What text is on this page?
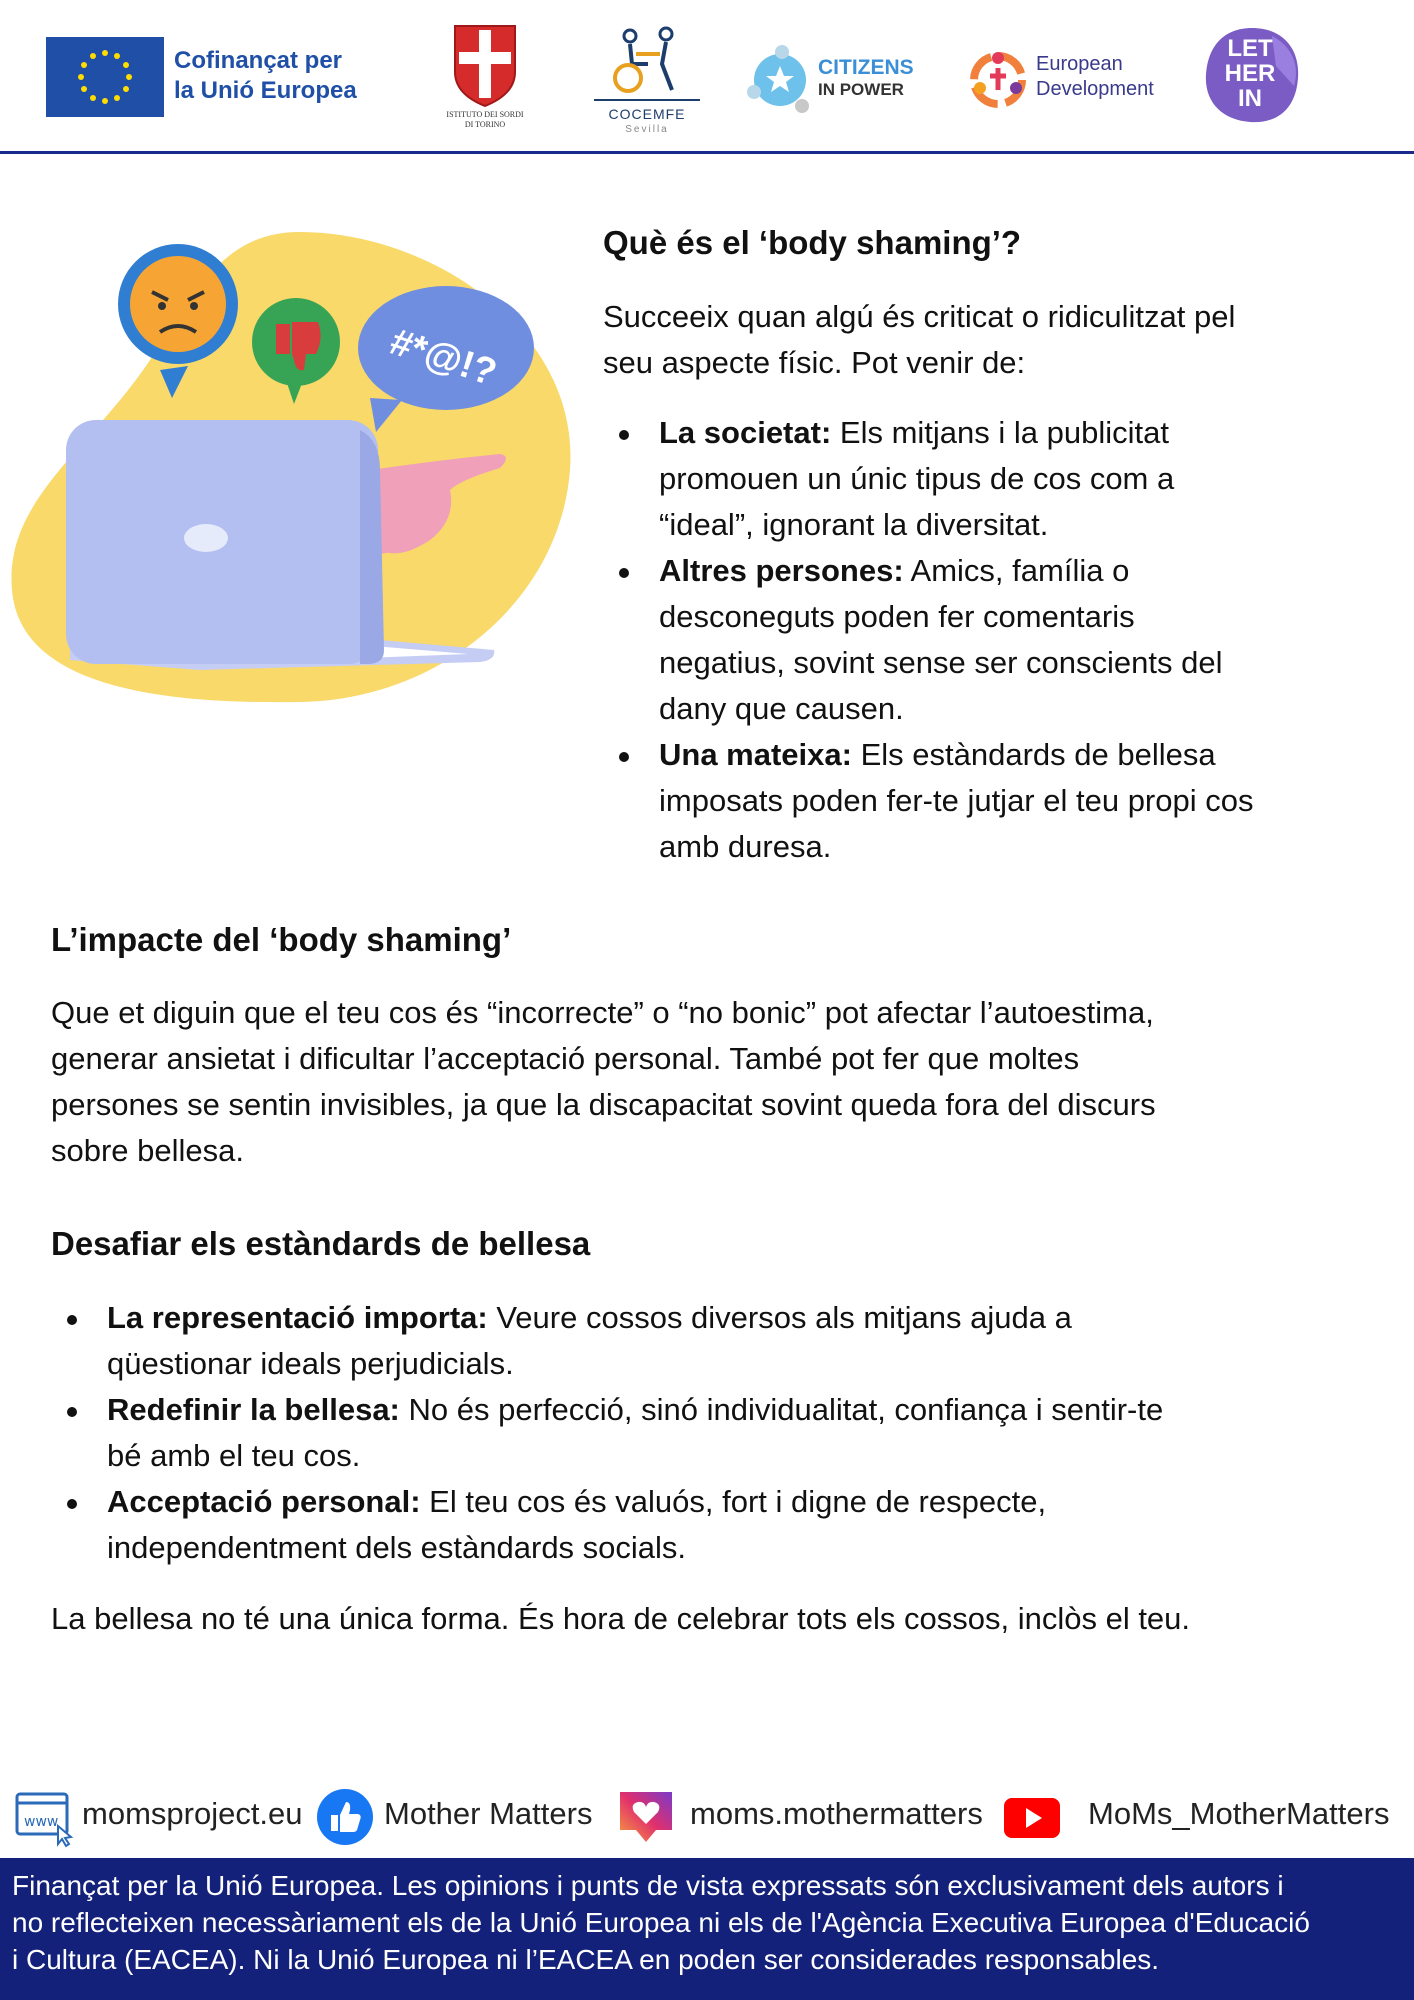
Cofinançat per
la Unió Europea
ISTITUTO DEI SORDI
DI TORINO
COCEMFE
Sevilla
CITIZENS
IN POWER
European
Development
LET
HER
IN
#*@!?
Què és el ‘body shaming’?
Succeeix quan algú és criticat o ridiculitzat pel
seu aspecte físic. Pot venir de:
La societat: Els mitjans i la publicitat
promouen un únic tipus de cos com a
“ideal”, ignorant la diversitat.
Altres persones: Amics, família o
desconeguts poden fer comentaris
negatius, sovint sense ser conscients del
dany que causen.
Una mateixa: Els estàndards de bellesa
imposats poden fer-te jutjar el teu propi cos
amb duresa.
L’impacte del ‘body shaming’
Que et diguin que el teu cos és “incorrecte” o “no bonic” pot afectar l’autoestima,
generar ansietat i dificultar l’acceptació personal. També pot fer que moltes
persones se sentin invisibles, ja que la discapacitat sovint queda fora del discurs
sobre bellesa.
Desafiar els estàndards de bellesa
La representació importa: Veure cossos diversos als mitjans ajuda a
qüestionar ideals perjudicials.
Redefinir la bellesa: No és perfecció, sinó individualitat, confiança i sentir-te
bé amb el teu cos.
Acceptació personal: El teu cos és valuós, fort i digne de respecte,
independentment dels estàndards socials.
La bellesa no té una única forma. És hora de celebrar tots els cossos, inclòs el teu.
www momsproject.eu	Mother Matters	moms.mothermatters	MoMs_MotherMatters
Finançat per la Unió Europea. Les opinions i punts de vista expressats són exclusivament dels autors i
no reflecteixen necessàriament els de la Unió Europea ni els de l'Agència Executiva Europea d'Educació
i Cultura (EACEA). Ni la Unió Europea ni l’EACEA en poden ser considerades responsables.
